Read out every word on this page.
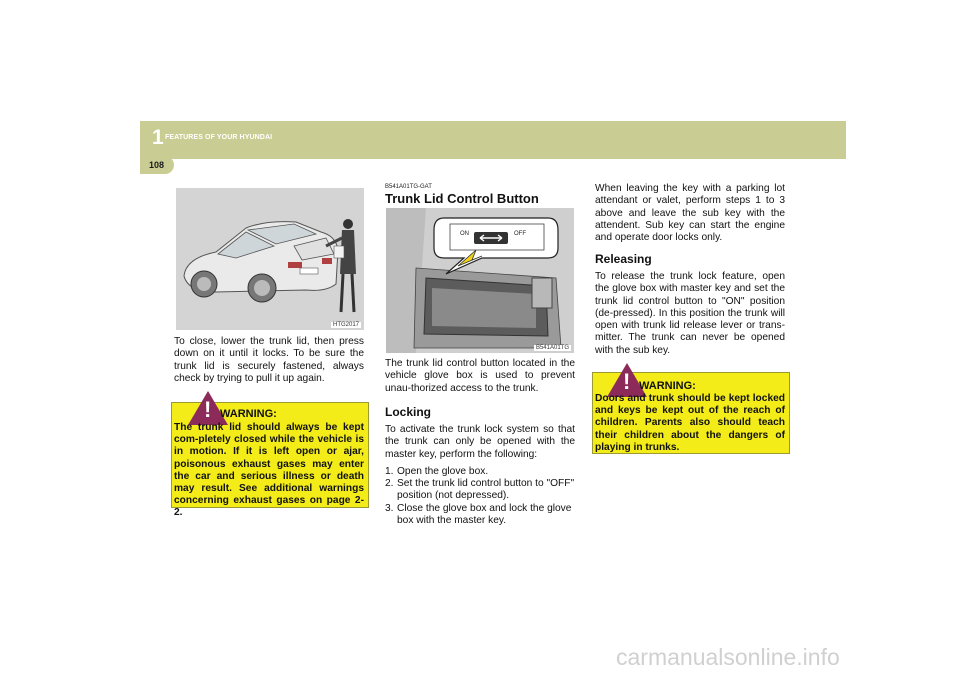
1 FEATURES OF YOUR HYUNDAI
108
HTG2017

To close, lower the trunk lid, then press down on it until it locks. To be sure the trunk lid is securely fastened, always check by trying to pull it up again.

! WARNING:
The trunk lid should always be kept com-pletely closed while the vehicle is in motion. If it is left open or ajar, poisonous exhaust gases may enter the car and serious illness or death may result. See additional warnings concerning exhaust gases on page 2-2.
B541A01TG-GAT
Trunk Lid Control Button
ON	OFF
B541A01TG

The trunk lid control button located in the vehicle glove box is used to prevent unau-thorized access to the trunk.

Locking

To activate the trunk lock system so that the trunk can only be opened with the master key, perform the following:

1. Open the glove box.
2. Set the trunk lid control button to "OFF" position (not depressed).
3. Close the glove box and lock the glove box with the master key.

When leaving the key with a parking lot attendant or valet, perform steps 1 to 3 above and leave the sub key with the attendent. Sub key can start the engine and operate door locks only.

Releasing

To release the trunk lock feature, open the glove box with master key and set the trunk lid control button to "ON" position (de-pressed). In this position the trunk will open with trunk lid release lever or trans-mitter. The trunk can never be opened with the sub key.

! WARNING:
Doors and trunk should be kept locked and keys be kept out of the reach of children. Parents also should teach their children about the dangers of playing in trunks.
carmanualsonline.info
